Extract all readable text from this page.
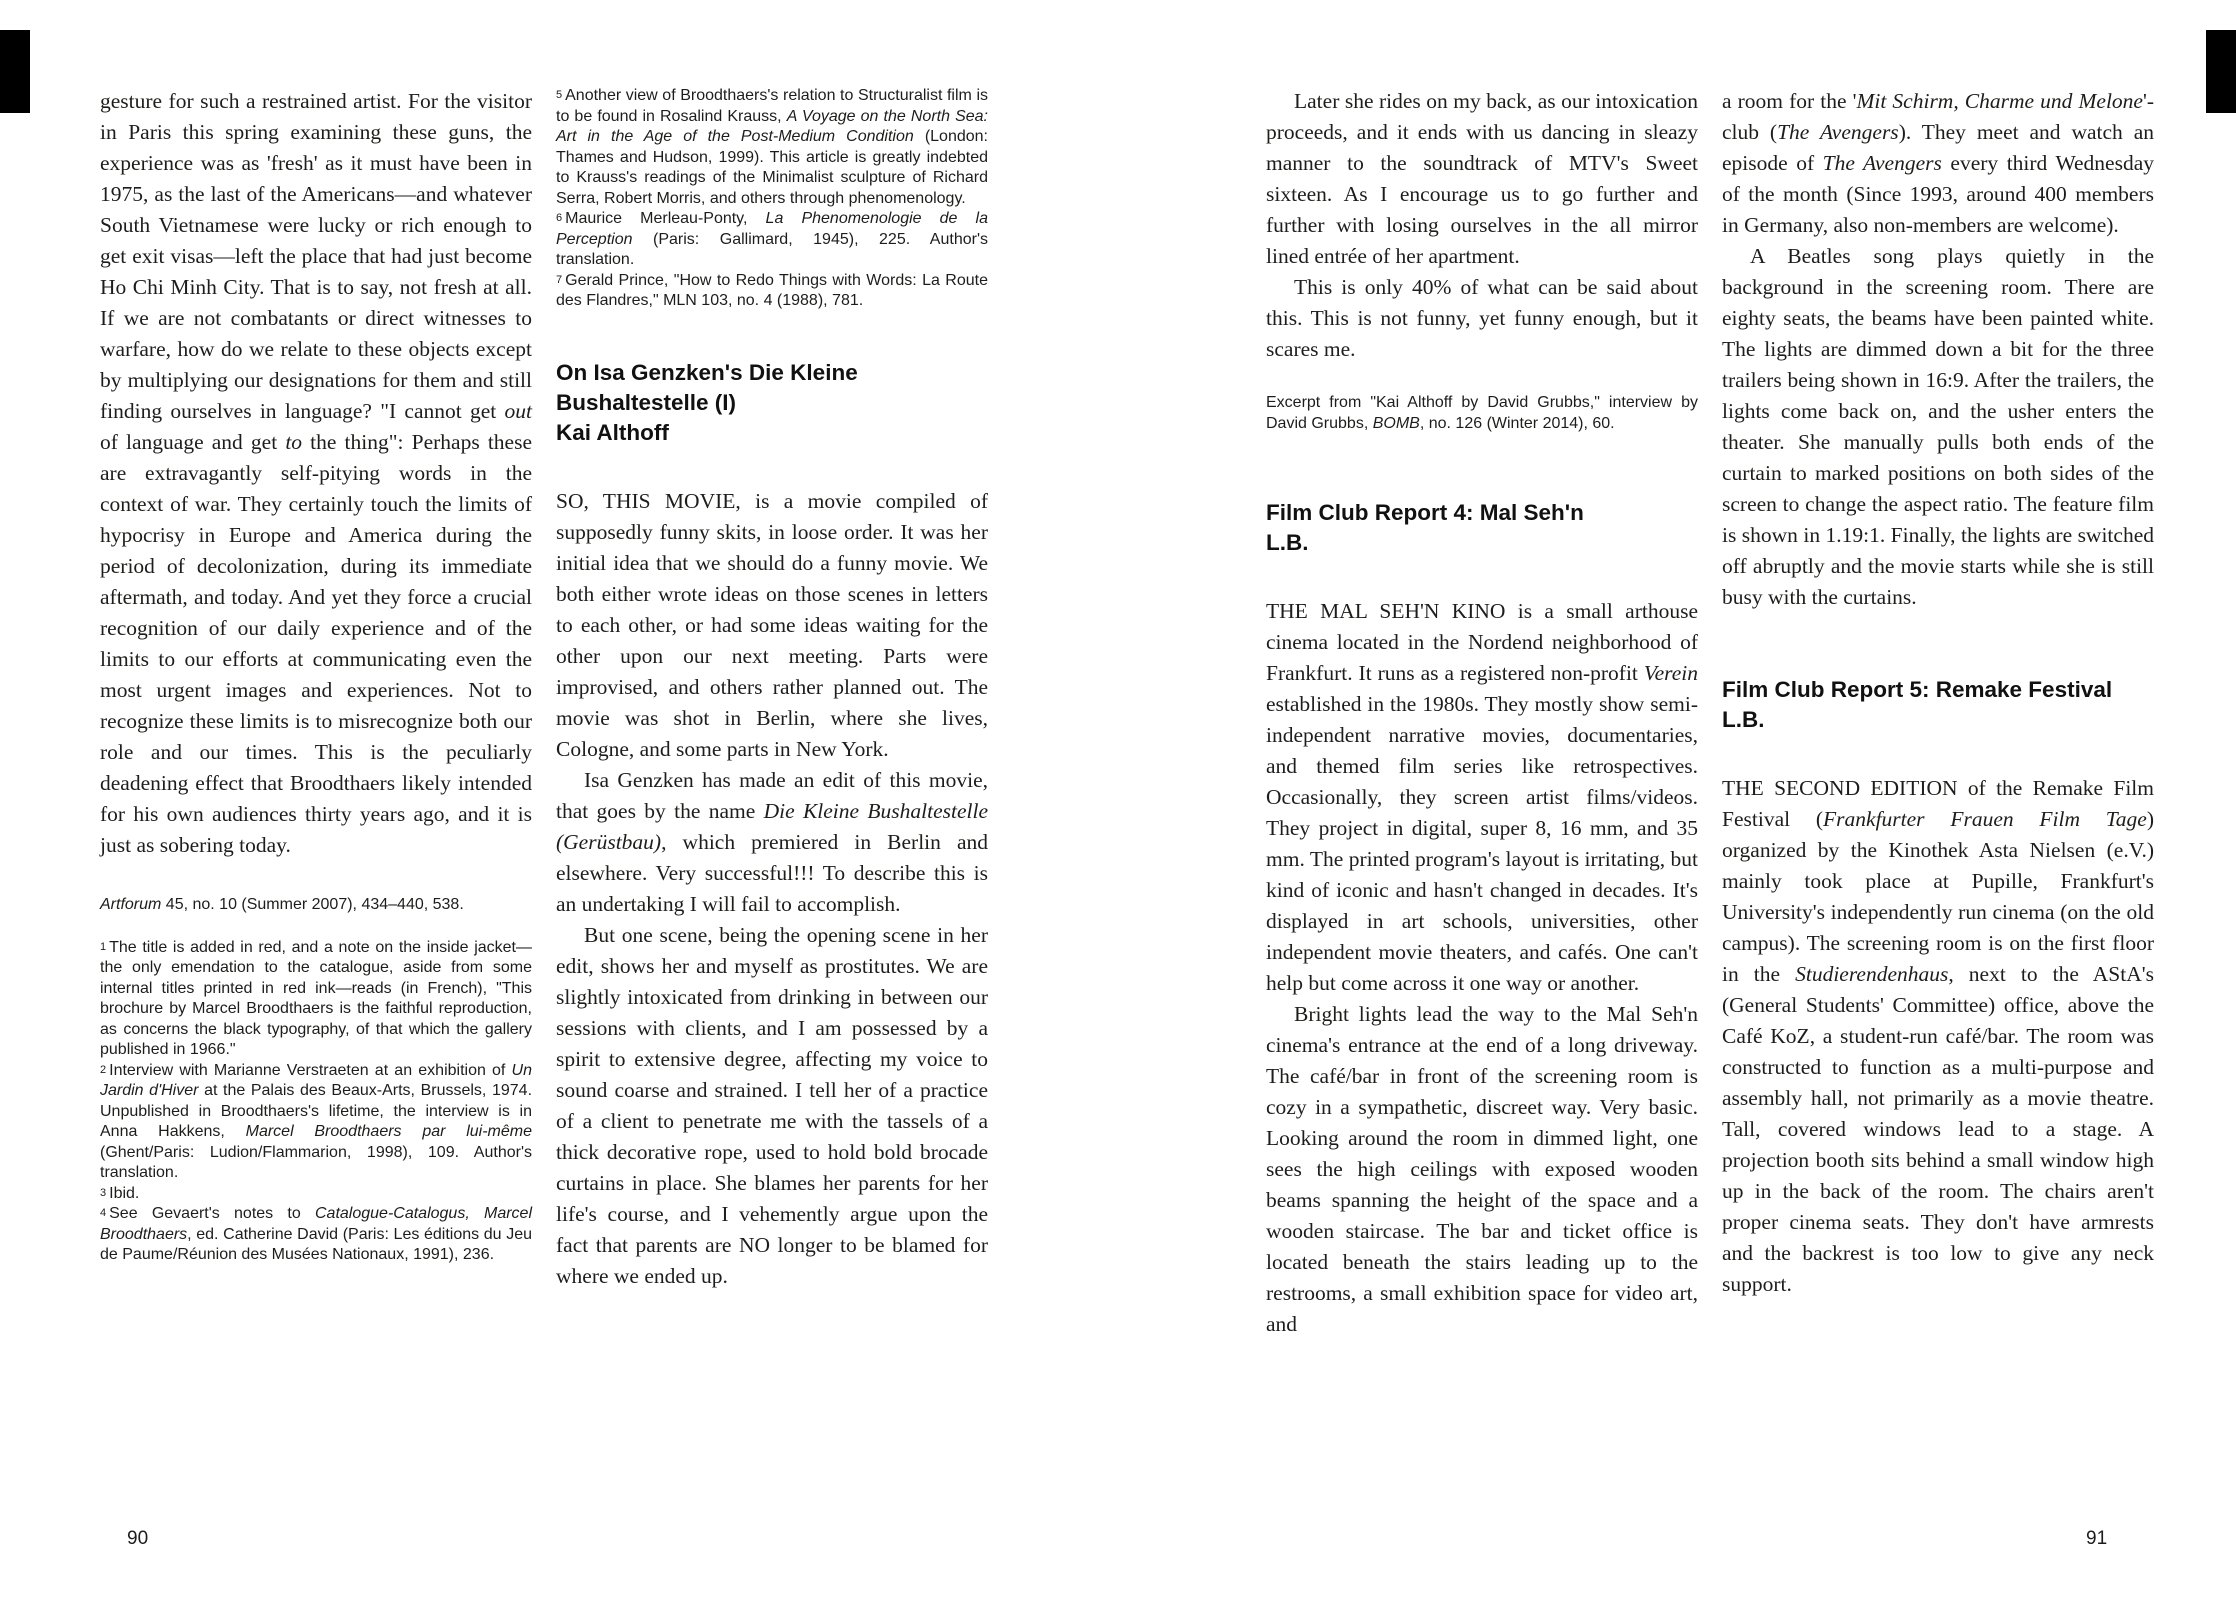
gesture for such a restrained artist. For the visitor in Paris this spring examining these guns, the experience was as 'fresh' as it must have been in 1975, as the last of the Americans—and whatever South Vietnamese were lucky or rich enough to get exit visas—left the place that had just become Ho Chi Minh City. That is to say, not fresh at all. If we are not combatants or direct witnesses to warfare, how do we relate to these objects except by multiplying our designations for them and still finding ourselves in language? "I cannot get out of language and get to the thing": Perhaps these are extravagantly self-pitying words in the context of war. They certainly touch the limits of hypocrisy in Europe and America during the period of decolonization, during its immediate aftermath, and today. And yet they force a crucial recognition of our daily experience and of the limits to our efforts at communicating even the most urgent images and experiences. Not to recognize these limits is to misrecognize both our role and our times. This is the peculiarly deadening effect that Broodthaers likely intended for his own audiences thirty years ago, and it is just as sobering today.

Artforum 45, no. 10 (Summer 2007), 434–440, 538.

$^1$ The title is added in red, and a note on the inside jacket—the only emendation to the catalogue, aside from some internal titles printed in red ink—reads (in French), "This brochure by Marcel Broodthaers is the faithful reproduction, as concerns the black typography, of that which the gallery published in 1966."

$^2$ Interview with Marianne Verstraeten at an exhibition of Un Jardin d'Hiver at the Palais des Beaux-Arts, Brussels, 1974. Unpublished in Broodthaers's lifetime, the interview is in Anna Hakkens, Marcel Broodthaers par lui-même (Ghent/Paris: Ludion/Flammarion, 1998), 109. Author's translation.

$^3$ Ibid.

$^4$ See Gevaert's notes to Catalogue-Catalogus, Marcel Broodthaers, ed. Catherine David (Paris: Les éditions du Jeu de Paume/Réunion des Musées Nationaux, 1991), 236.

$^5$ Another view of Broodthaers's relation to Structuralist film is to be found in Rosalind Krauss, A Voyage on the North Sea: Art in the Age of the Post-Medium Condition (London: Thames and Hudson, 1999). This article is greatly indebted to Krauss's readings of the Minimalist sculpture of Richard Serra, Robert Morris, and others through phenomenology.

$^6$ Maurice Merleau-Ponty, La Phenomenologie de la Perception (Paris: Gallimard, 1945), 225. Author's translation.

$^7$ Gerald Prince, "How to Redo Things with Words: La Route des Flandres," MLN 103, no. 4 (1988), 781.

On Isa Genzken's Die Kleine Bushaltestelle (I)
Kai Althoff

SO, THIS MOVIE, is a movie compiled of supposedly funny skits, in loose order. It was her initial idea that we should do a funny movie. We both either wrote ideas on those scenes in letters to each other, or had some ideas waiting for the other upon our next meeting. Parts were improvised, and others rather planned out. The movie was shot in Berlin, where she lives, Cologne, and some parts in New York.

Isa Genzken has made an edit of this movie, that goes by the name Die Kleine Bushaltestelle (Gerüstbau), which premiered in Berlin and elsewhere. Very successful!!! To describe this is an undertaking I will fail to accomplish.

But one scene, being the opening scene in her edit, shows her and myself as prostitutes. We are slightly intoxicated from drinking in between our sessions with clients, and I am possessed by a spirit to extensive degree, affecting my voice to sound coarse and strained. I tell her of a practice of a client to penetrate me with the tassels of a thick decorative rope, used to hold bold brocade curtains in place. She blames her parents for her life's course, and I vehemently argue upon the fact that parents are NO longer to be blamed for where we ended up.

Later she rides on my back, as our intoxication proceeds, and it ends with us dancing in sleazy manner to the soundtrack of MTV's Sweet sixteen. As I encourage us to go further and further with losing ourselves in the all mirror lined entrée of her apartment.

This is only 40% of what can be said about this. This is not funny, yet funny enough, but it scares me.

Excerpt from "Kai Althoff by David Grubbs," interview by David Grubbs, BOMB, no. 126 (Winter 2014), 60.

Film Club Report 4: Mal Seh'n
L.B.

THE MAL SEH'N KINO is a small arthouse cinema located in the Nordend neighborhood of Frankfurt. It runs as a registered non-profit Verein established in the 1980s. They mostly show semi-independent narrative movies, documentaries, and themed film series like retrospectives. Occasionally, they screen artist films/videos. They project in digital, super 8, 16 mm, and 35 mm. The printed program's layout is irritating, but kind of iconic and hasn't changed in decades. It's displayed in art schools, universities, other independent movie theaters, and cafés. One can't help but come across it one way or another.

Bright lights lead the way to the Mal Seh'n cinema's entrance at the end of a long driveway. The café/bar in front of the screening room is cozy in a sympathetic, discreet way. Very basic. Looking around the room in dimmed light, one sees the high ceilings with exposed wooden beams spanning the height of the space and a wooden staircase. The bar and ticket office is located beneath the stairs leading up to the restrooms, a small exhibition space for video art, and

a room for the 'Mit Schirm, Charme und Melone'-club (The Avengers). They meet and watch an episode of The Avengers every third Wednesday of the month (Since 1993, around 400 members in Germany, also non-members are welcome).

A Beatles song plays quietly in the background in the screening room. There are eighty seats, the beams have been painted white. The lights are dimmed down a bit for the three trailers being shown in 16:9. After the trailers, the lights come back on, and the usher enters the theater. She manually pulls both ends of the curtain to marked positions on both sides of the screen to change the aspect ratio. The feature film is shown in 1.19:1. Finally, the lights are switched off abruptly and the movie starts while she is still busy with the curtains.

Film Club Report 5: Remake Festival
L.B.

THE SECOND EDITION of the Remake Film Festival (Frankfurter Frauen Film Tage) organized by the Kinothek Asta Nielsen (e.V.) mainly took place at Pupille, Frankfurt's University's independently run cinema (on the old campus). The screening room is on the first floor in the Studierendenhaus, next to the AStA's (General Students' Committee) office, above the Café KoZ, a student-run café/bar. The room was constructed to function as a multi-purpose and assembly hall, not primarily as a movie theatre. Tall, covered windows lead to a stage. A projection booth sits behind a small window high up in the back of the room. The chairs aren't proper cinema seats. They don't have armrests and the backrest is too low to give any neck support.

90	91
